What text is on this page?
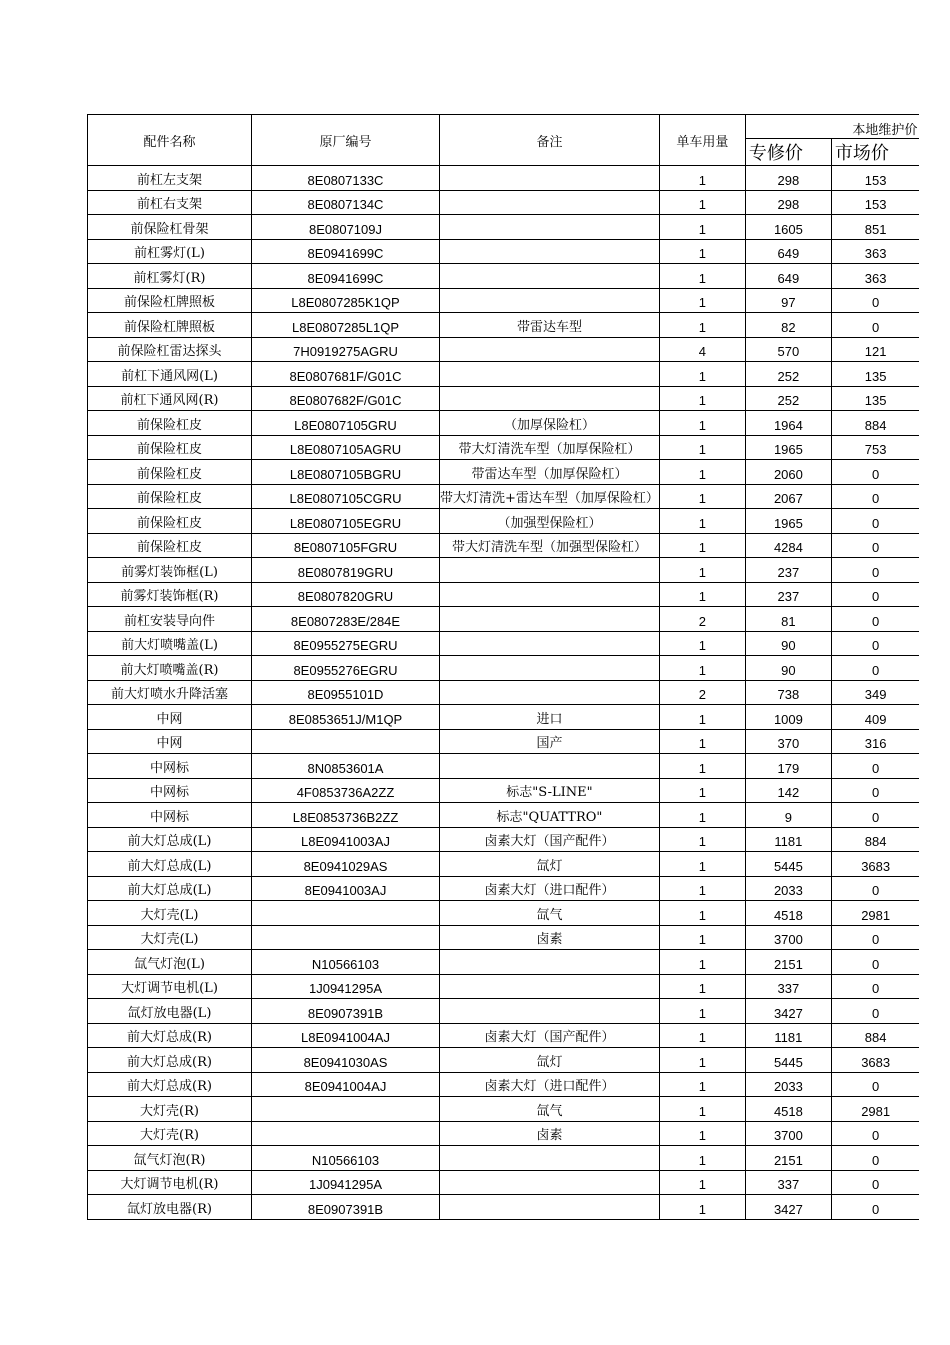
配件名称	原厂编号	备注	单车用量	本地维护价	
				专修价	市场价
前杠左支架	8E0807133C		1	298	153
前杠右支架	8E0807134C		1	298	153
前保险杠骨架	8E0807109J		1	1605	851
前杠雾灯(L)	8E0941699C		1	649	363
前杠雾灯(R)	8E0941699C		1	649	363
前保险杠牌照板	L8E0807285K1QP		1	97	0
前保险杠牌照板	L8E0807285L1QP	带雷达车型	1	82	0
前保险杠雷达探头	7H0919275AGRU		4	570	121
前杠下通风网(L)	8E0807681F/G01C		1	252	135
前杠下通风网(R)	8E0807682F/G01C		1	252	135
前保险杠皮	L8E0807105GRU	（加厚保险杠）	1	1964	884
前保险杠皮	L8E0807105AGRU	带大灯清洗车型（加厚保险杠）	1	1965	753
前保险杠皮	L8E0807105BGRU	带雷达车型（加厚保险杠）	1	2060	0
前保险杠皮	L8E0807105CGRU	带大灯清洗+雷达车型（加厚保险杠）	1	2067	0
前保险杠皮	L8E0807105EGRU	（加强型保险杠）	1	1965	0
前保险杠皮	8E0807105FGRU	带大灯清洗车型（加强型保险杠）	1	4284	0
前雾灯装饰框(L)	8E0807819GRU		1	237	0
前雾灯装饰框(R)	8E0807820GRU		1	237	0
前杠安装导向件	8E0807283E/284E		2	81	0
前大灯喷嘴盖(L)	8E0955275EGRU		1	90	0
前大灯喷嘴盖(R)	8E0955276EGRU		1	90	0
前大灯喷水升降活塞	8E0955101D		2	738	349
中网	8E0853651J/M1QP	进口	1	1009	409
中网		国产	1	370	316
中网标	8N0853601A		1	179	0
中网标	4F0853736A2ZZ	标志"S-LINE"	1	142	0
中网标	L8E0853736B2ZZ	标志"QUATTRO"	1	9	0
前大灯总成(L)	L8E0941003AJ	卤素大灯（国产配件）	1	1181	884
前大灯总成(L)	8E0941029AS	氙灯	1	5445	3683
前大灯总成(L)	8E0941003AJ	卤素大灯（进口配件）	1	2033	0
大灯壳(L)		氙气	1	4518	2981
大灯壳(L)		卤素	1	3700	0
氙气灯泡(L)	N10566103		1	2151	0
大灯调节电机(L)	1J0941295A		1	337	0
氙灯放电器(L)	8E0907391B		1	3427	0
前大灯总成(R)	L8E0941004AJ	卤素大灯（国产配件）	1	1181	884
前大灯总成(R)	8E0941030AS	氙灯	1	5445	3683
前大灯总成(R)	8E0941004AJ	卤素大灯（进口配件）	1	2033	0
大灯壳(R)		氙气	1	4518	2981
大灯壳(R)		卤素	1	3700	0
氙气灯泡(R)	N10566103		1	2151	0
大灯调节电机(R)	1J0941295A		1	337	0
氙灯放电器(R)	8E0907391B		1	3427	0
